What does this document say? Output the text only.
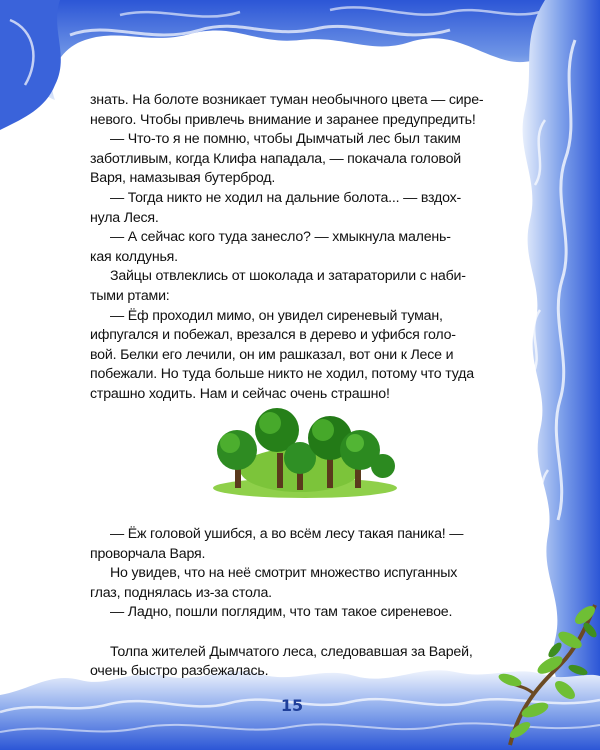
знать. На болоте возникает туман необычного цвета — сире-
невого. Чтобы привлечь внимание и заранее предупредить!
— Что-то я не помню, чтобы Дымчатый лес был таким
заботливым, когда Клифа нападала, — покачала головой
Варя, намазывая бутерброд.
— Тогда никто не ходил на дальние болота... — вздох-
нула Леся.
— А сейчас кого туда занесло? — хмыкнула малень-
кая колдунья.
Зайцы отвлеклись от шоколада и затараторили с наби-
тыми ртами:
— Ёф проходил мимо, он увидел сиреневый туман,
ифпугался и побежал, врезался в дерево и уфибся голо-
вой. Белки его лечили, он им рашказал, вот они к Лесе и
побежали. Но туда больше никто не ходил, потому что туда
страшно ходить. Нам и сейчас очень страшно!
— Ёж головой ушибся, а во всём лесу такая паника! —
проворчала Варя.
Но увидев, что на неё смотрит множество испуганных
глаз, поднялась из-за стола.
— Ладно, пошли поглядим, что там такое сиреневое.
Толпа жителей Дымчатого леса, следовавшая за Варей,
очень быстро разбежалась.
15
